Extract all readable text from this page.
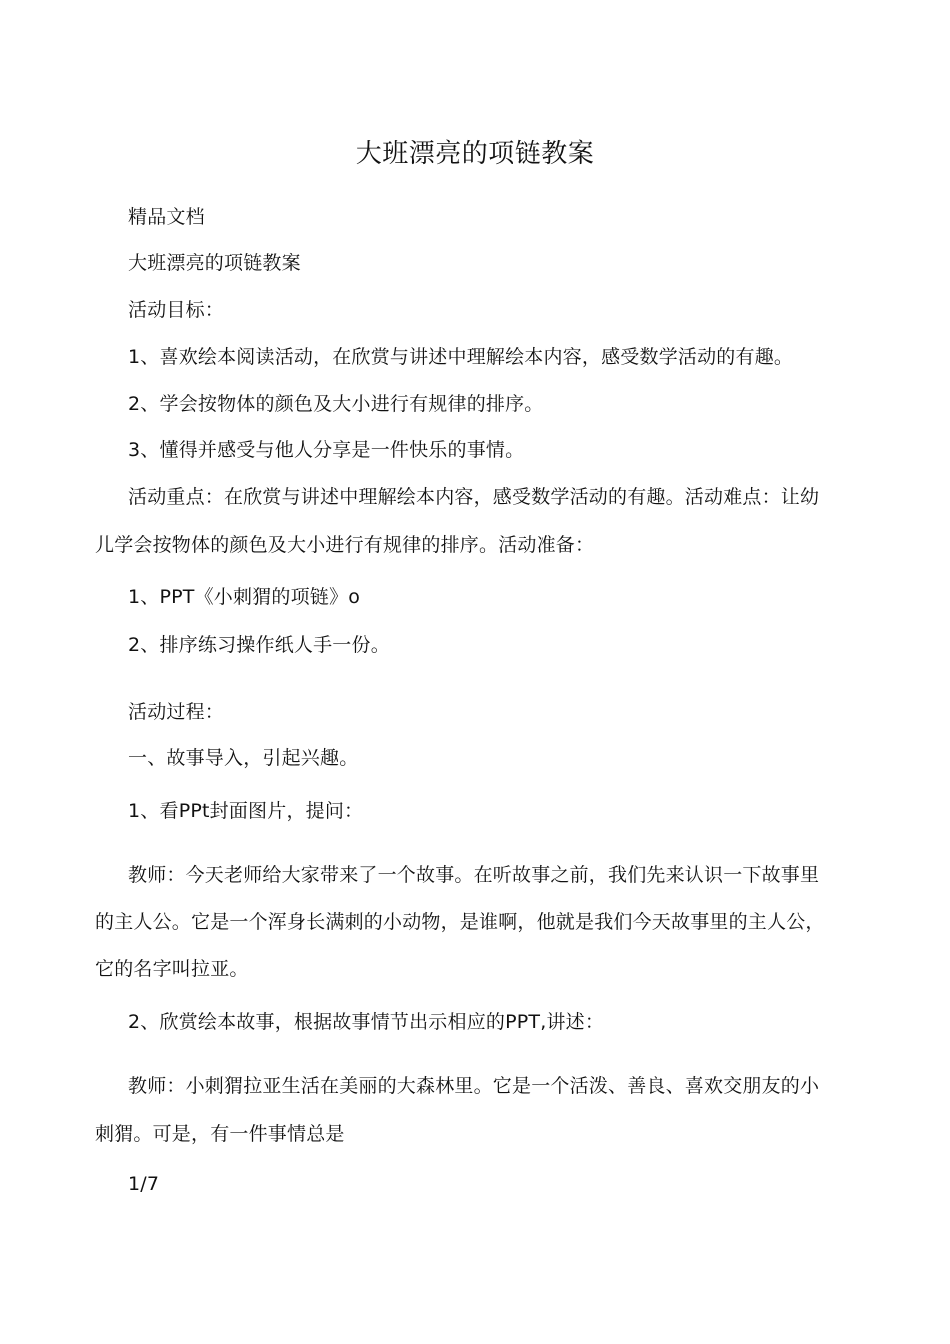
大班漂亮的项链教案
精品文档
大班漂亮的项链教案
活动目标：
1、喜欢绘本阅读活动，在欣赏与讲述中理解绘本内容，感受数学活动的有趣。
2、学会按物体的颜色及大小进行有规律的排序。
3、懂得并感受与他人分享是一件快乐的事情。
活动重点：在欣赏与讲述中理解绘本内容，感受数学活动的有趣。活动难点：让幼
儿学会按物体的颜色及大小进行有规律的排序。活动准备：
1、PPT《小刺猬的项链》o
2、排序练习操作纸人手一份。
活动过程：
一、故事导入，引起兴趣。
1、看PPt封面图片，提问：
教师：今天老师给大家带来了一个故事。在听故事之前，我们先来认识一下故事里
的主人公。它是一个浑身长满刺的小动物，是谁啊，他就是我们今天故事里的主人公，
它的名字叫拉亚。
2、欣赏绘本故事，根据故事情节出示相应的PPT,讲述：
教师：小刺猬拉亚生活在美丽的大森林里。它是一个活泼、善良、喜欢交朋友的小
刺猬。可是，有一件事情总是
1/7
